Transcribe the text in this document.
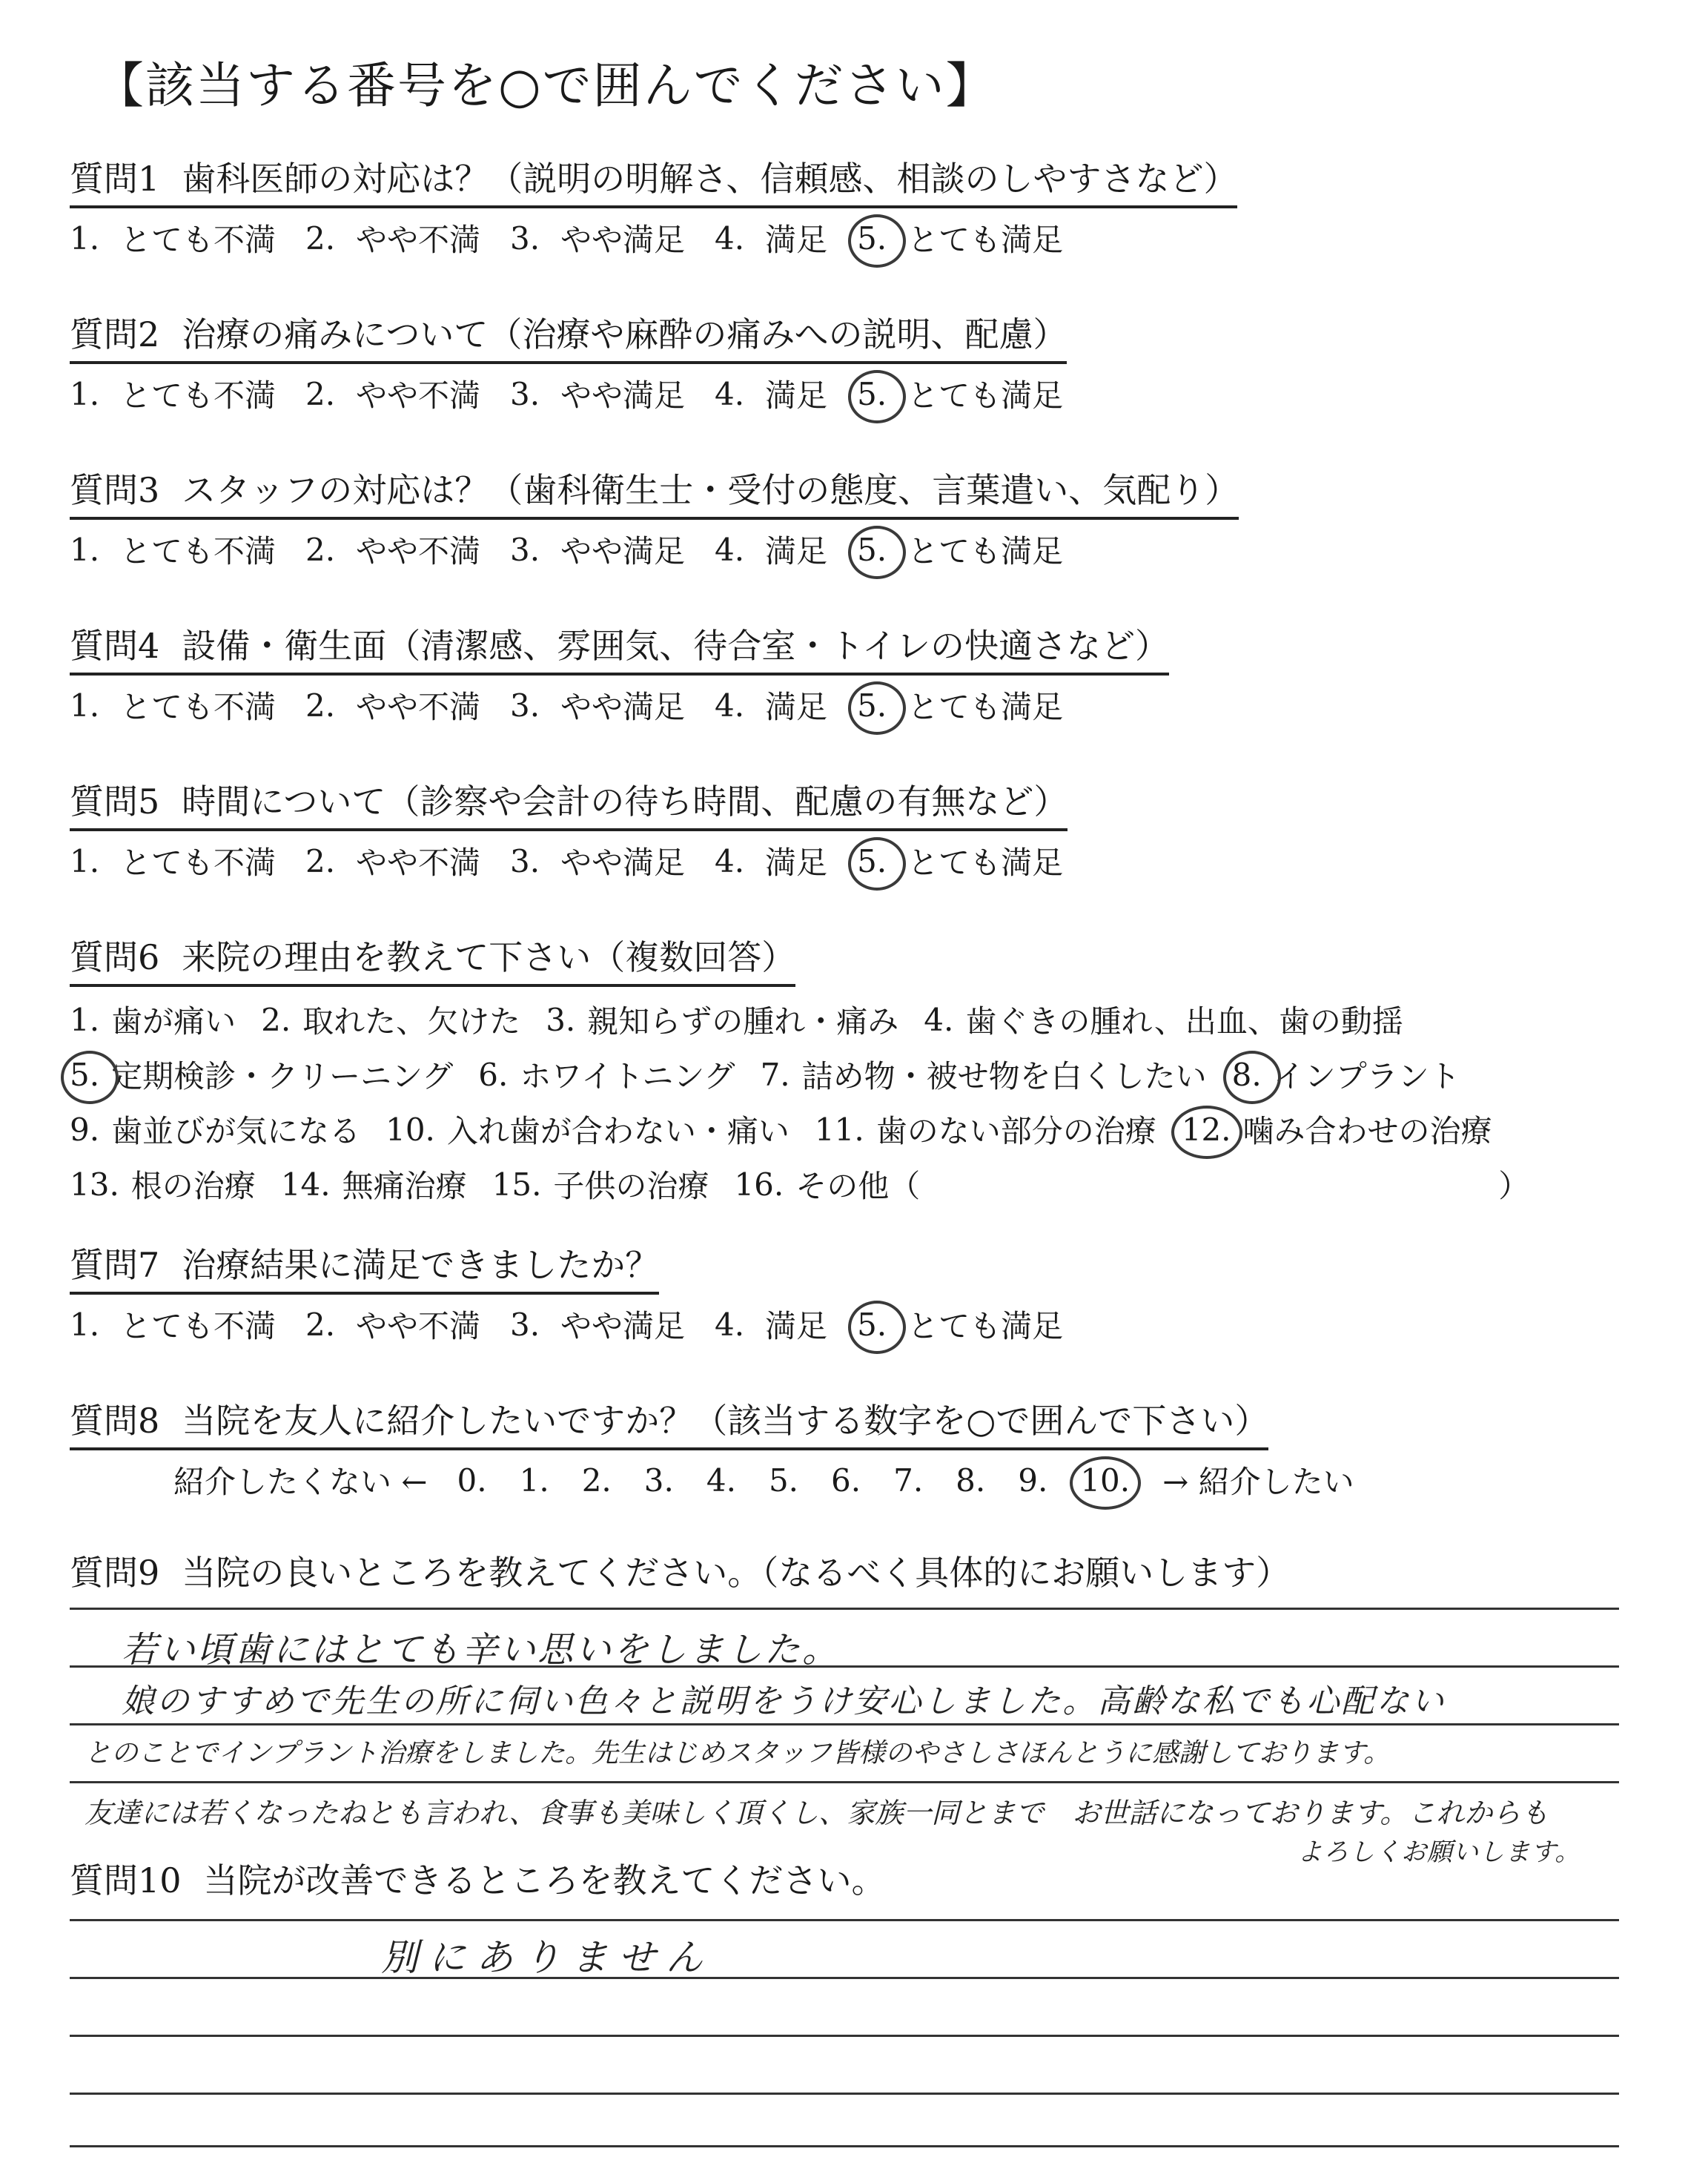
【該当する番号を○で囲んでください】
質問1 歯科医師の対応は？（説明の明解さ、信頼感、相談のしやすさなど）
1. とても不満 2. やや不満 3. やや満足 4. 満足 5. とても満足
質問2 治療の痛みについて（治療や麻酔の痛みへの説明、配慮）
1. とても不満 2. やや不満 3. やや満足 4. 満足 5. とても満足
質問3 スタッフの対応は？（歯科衛生士・受付の態度、言葉遣い、気配り）
1. とても不満 2. やや不満 3. やや満足 4. 満足 5. とても満足
質問4 設備・衛生面（清潔感、雰囲気、待合室・トイレの快適さなど）
1. とても不満 2. やや不満 3. やや満足 4. 満足 5. とても満足
質問5 時間について（診察や会計の待ち時間、配慮の有無など）
1. とても不満 2. やや不満 3. やや満足 4. 満足 5. とても満足
質問6 来院の理由を教えて下さい（複数回答）
1. 歯が痛い 2. 取れた、欠けた 3. 親知らずの腫れ・痛み 4. 歯ぐきの腫れ、出血、歯の動揺
5. 定期検診・クリーニング 6. ホワイトニング 7. 詰め物・被せ物を白くしたい 8. インプラント
9. 歯並びが気になる 10. 入れ歯が合わない・痛い 11. 歯のない部分の治療 12. 噛み合わせの治療
13. 根の治療 14. 無痛治療 15. 子供の治療 16. その他（	）
質問7 治療結果に満足できましたか？
1. とても不満 2. やや不満 3. やや満足 4. 満足 5. とても満足
質問8 当院を友人に紹介したいですか？（該当する数字を○で囲んで下さい）
紹介したくない ← 0. 1. 2. 3. 4. 5. 6. 7. 8. 9. 10. → 紹介したい
質問9 当院の良いところを教えてください。（なるべく具体的にお願いします）
若い頃歯にはとても辛い思いをしました。
娘のすすめで先生の所に伺い色々と説明をうけ安心しました。高齢な私でも心配ない
とのことでインプラント治療をしました。先生はじめスタッフ皆様のやさしさほんとうに感謝しております。
友達には若くなったねとも言われ、食事も美味しく頂くし、家族一同とまで　お世話になっております。これからも
よろしくお願いします。
質問10 当院が改善できるところを教えてください。
別にありません
